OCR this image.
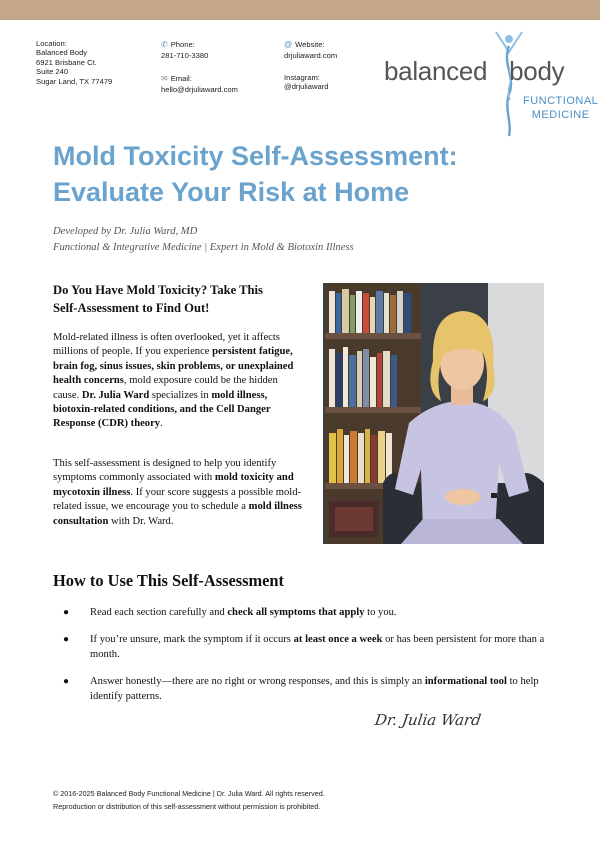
Location:
Balanced Body
6921 Brisbane Ct.
Suite 240
Sugar Land, TX 77479
✆ Phone:
281-710-3380
✉ Email:
hello@drjuliaward.com
@ Website:
drjuliaward.com
Instagram:
@drjuliaward
balanced body
FUNCTIONAL
MEDICINE
Mold Toxicity Self-Assessment:
Evaluate Your Risk at Home
Developed by Dr. Julia Ward, MD
Functional & Integrative Medicine | Expert in Mold & Biotoxin Illness
Do You Have Mold Toxicity? Take This
Self-Assessment to Find Out!
Mold-related illness is often overlooked, yet it affects millions of people. If you experience persistent fatigue, brain fog, sinus issues, skin problems, or unexplained health concerns, mold exposure could be the hidden cause. Dr. Julia Ward specializes in mold illness, biotoxin-related conditions, and the Cell Danger Response (CDR) theory.
This self-assessment is designed to help you identify symptoms commonly associated with mold toxicity and mycotoxin illness. If your score suggests a possible mold-related issue, we encourage you to schedule a mold illness consultation with Dr. Ward.
How to Use This Self-Assessment
● Read each section carefully and check all symptoms that apply to you.
● If you’re unsure, mark the symptom if it occurs at least once a week or has been persistent for more than a month.
● Answer honestly—there are no right or wrong responses, and this is simply an informational tool to help identify patterns.
Dr. Julia Ward
© 2016-2025 Balanced Body Functional Medicine | Dr. Julia Ward. All rights reserved.
Reproduction or distribution of this self-assessment without permission is prohibited.
